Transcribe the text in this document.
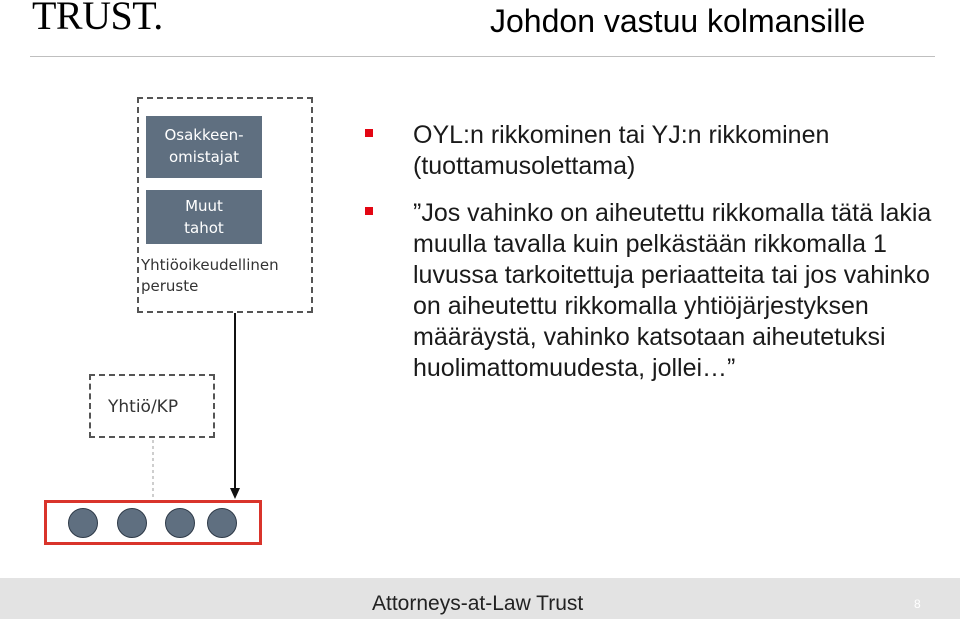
TRUST.	Johdon vastuu kolmansille
Osakkeen-
omistajat
Muut
tahot
Yhtiöoikeudellinen
peruste
Yhtiö/KP
OYL:n rikkominen tai YJ:n rikkominen (tuottamusolettama)
”Jos vahinko on aiheutettu rikkomalla tätä lakia muulla tavalla kuin pelkästään rikkomalla 1 luvussa tarkoitettuja periaatteita tai jos vahinko on aiheutettu rikkomalla yhtiöjärjestyksen määräystä, vahinko katsotaan aiheutetuksi huolimattomuudesta, jollei…”
Attorneys-at-Law Trust	8
